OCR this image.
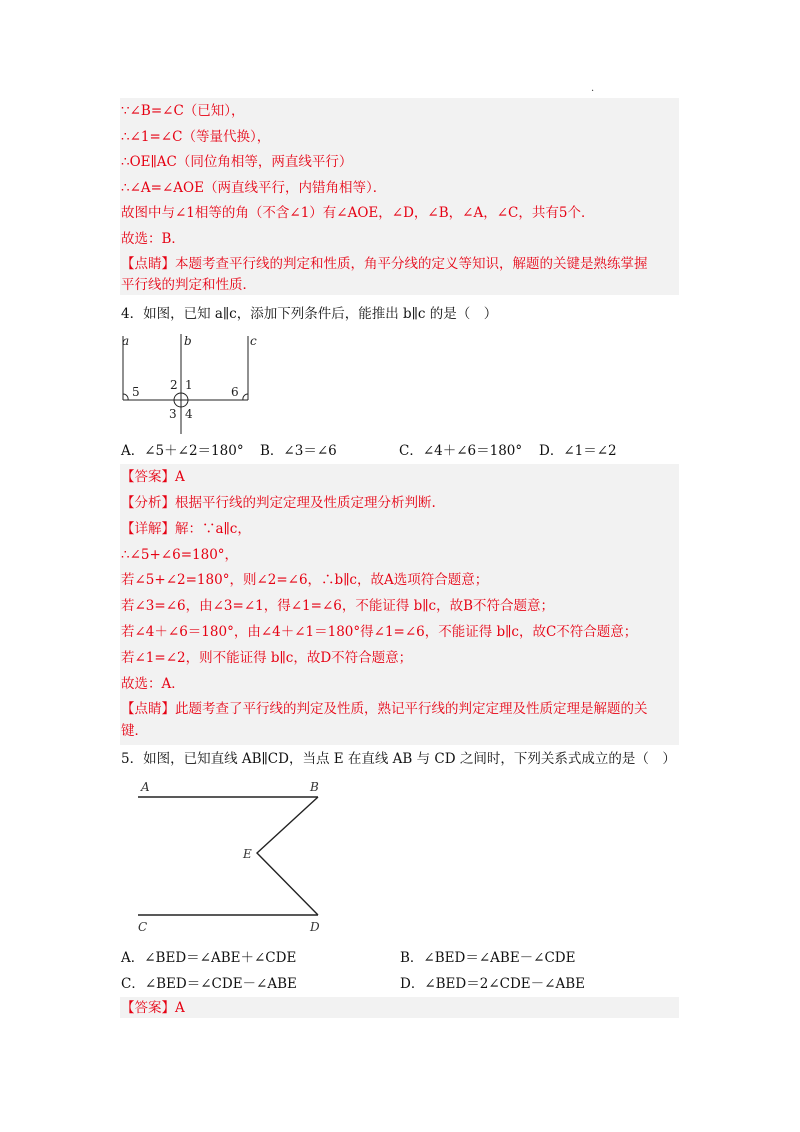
·
∵∠B=∠C（已知），
∴∠1=∠C（等量代换），
∴OE∥AC（同位角相等，两直线平行）
∴∠A=∠AOE（两直线平行，内错角相等）．
故图中与∠1相等的角（不含∠1）有∠AOE，∠D，∠B，∠A，∠C，共有5个．
故选：B．
【点睛】本题考查平行线的判定和性质，角平分线的定义等知识，解题的关键是熟练掌握
平行线的判定和性质．
4．如图，已知 a∥c，添加下列条件后，能推出 b∥c 的是（　）
a	b	c
5	2 1	6
3 4
A．∠5＋∠2＝180° B．∠3＝∠6	C．∠4＋∠6＝180° D．∠1＝∠2
【答案】A
【分析】根据平行线的判定定理及性质定理分析判断.
【详解】解：∵a∥c，
∴∠5+∠6=180°，
若∠5+∠2=180°，则∠2=∠6，∴b∥c，故A选项符合题意；
若∠3=∠6，由∠3=∠1，得∠1=∠6，不能证得 b∥c，故B不符合题意；
若∠4＋∠6＝180°，由∠4＋∠1＝180°得∠1=∠6，不能证得 b∥c，故C不符合题意；
若∠1=∠2，则不能证得 b∥c，故D不符合题意；
故选：A．
【点睛】此题考查了平行线的判定及性质，熟记平行线的判定定理及性质定理是解题的关
键．
5．如图，已知直线 AB∥CD，当点 E 在直线 AB 与 CD 之间时，下列关系式成立的是（　）
A	B
E
C	D
A．∠BED＝∠ABE＋∠CDE	B．∠BED＝∠ABE－∠CDE
C．∠BED＝∠CDE－∠ABE	D．∠BED＝2∠CDE－∠ABE
【答案】A
